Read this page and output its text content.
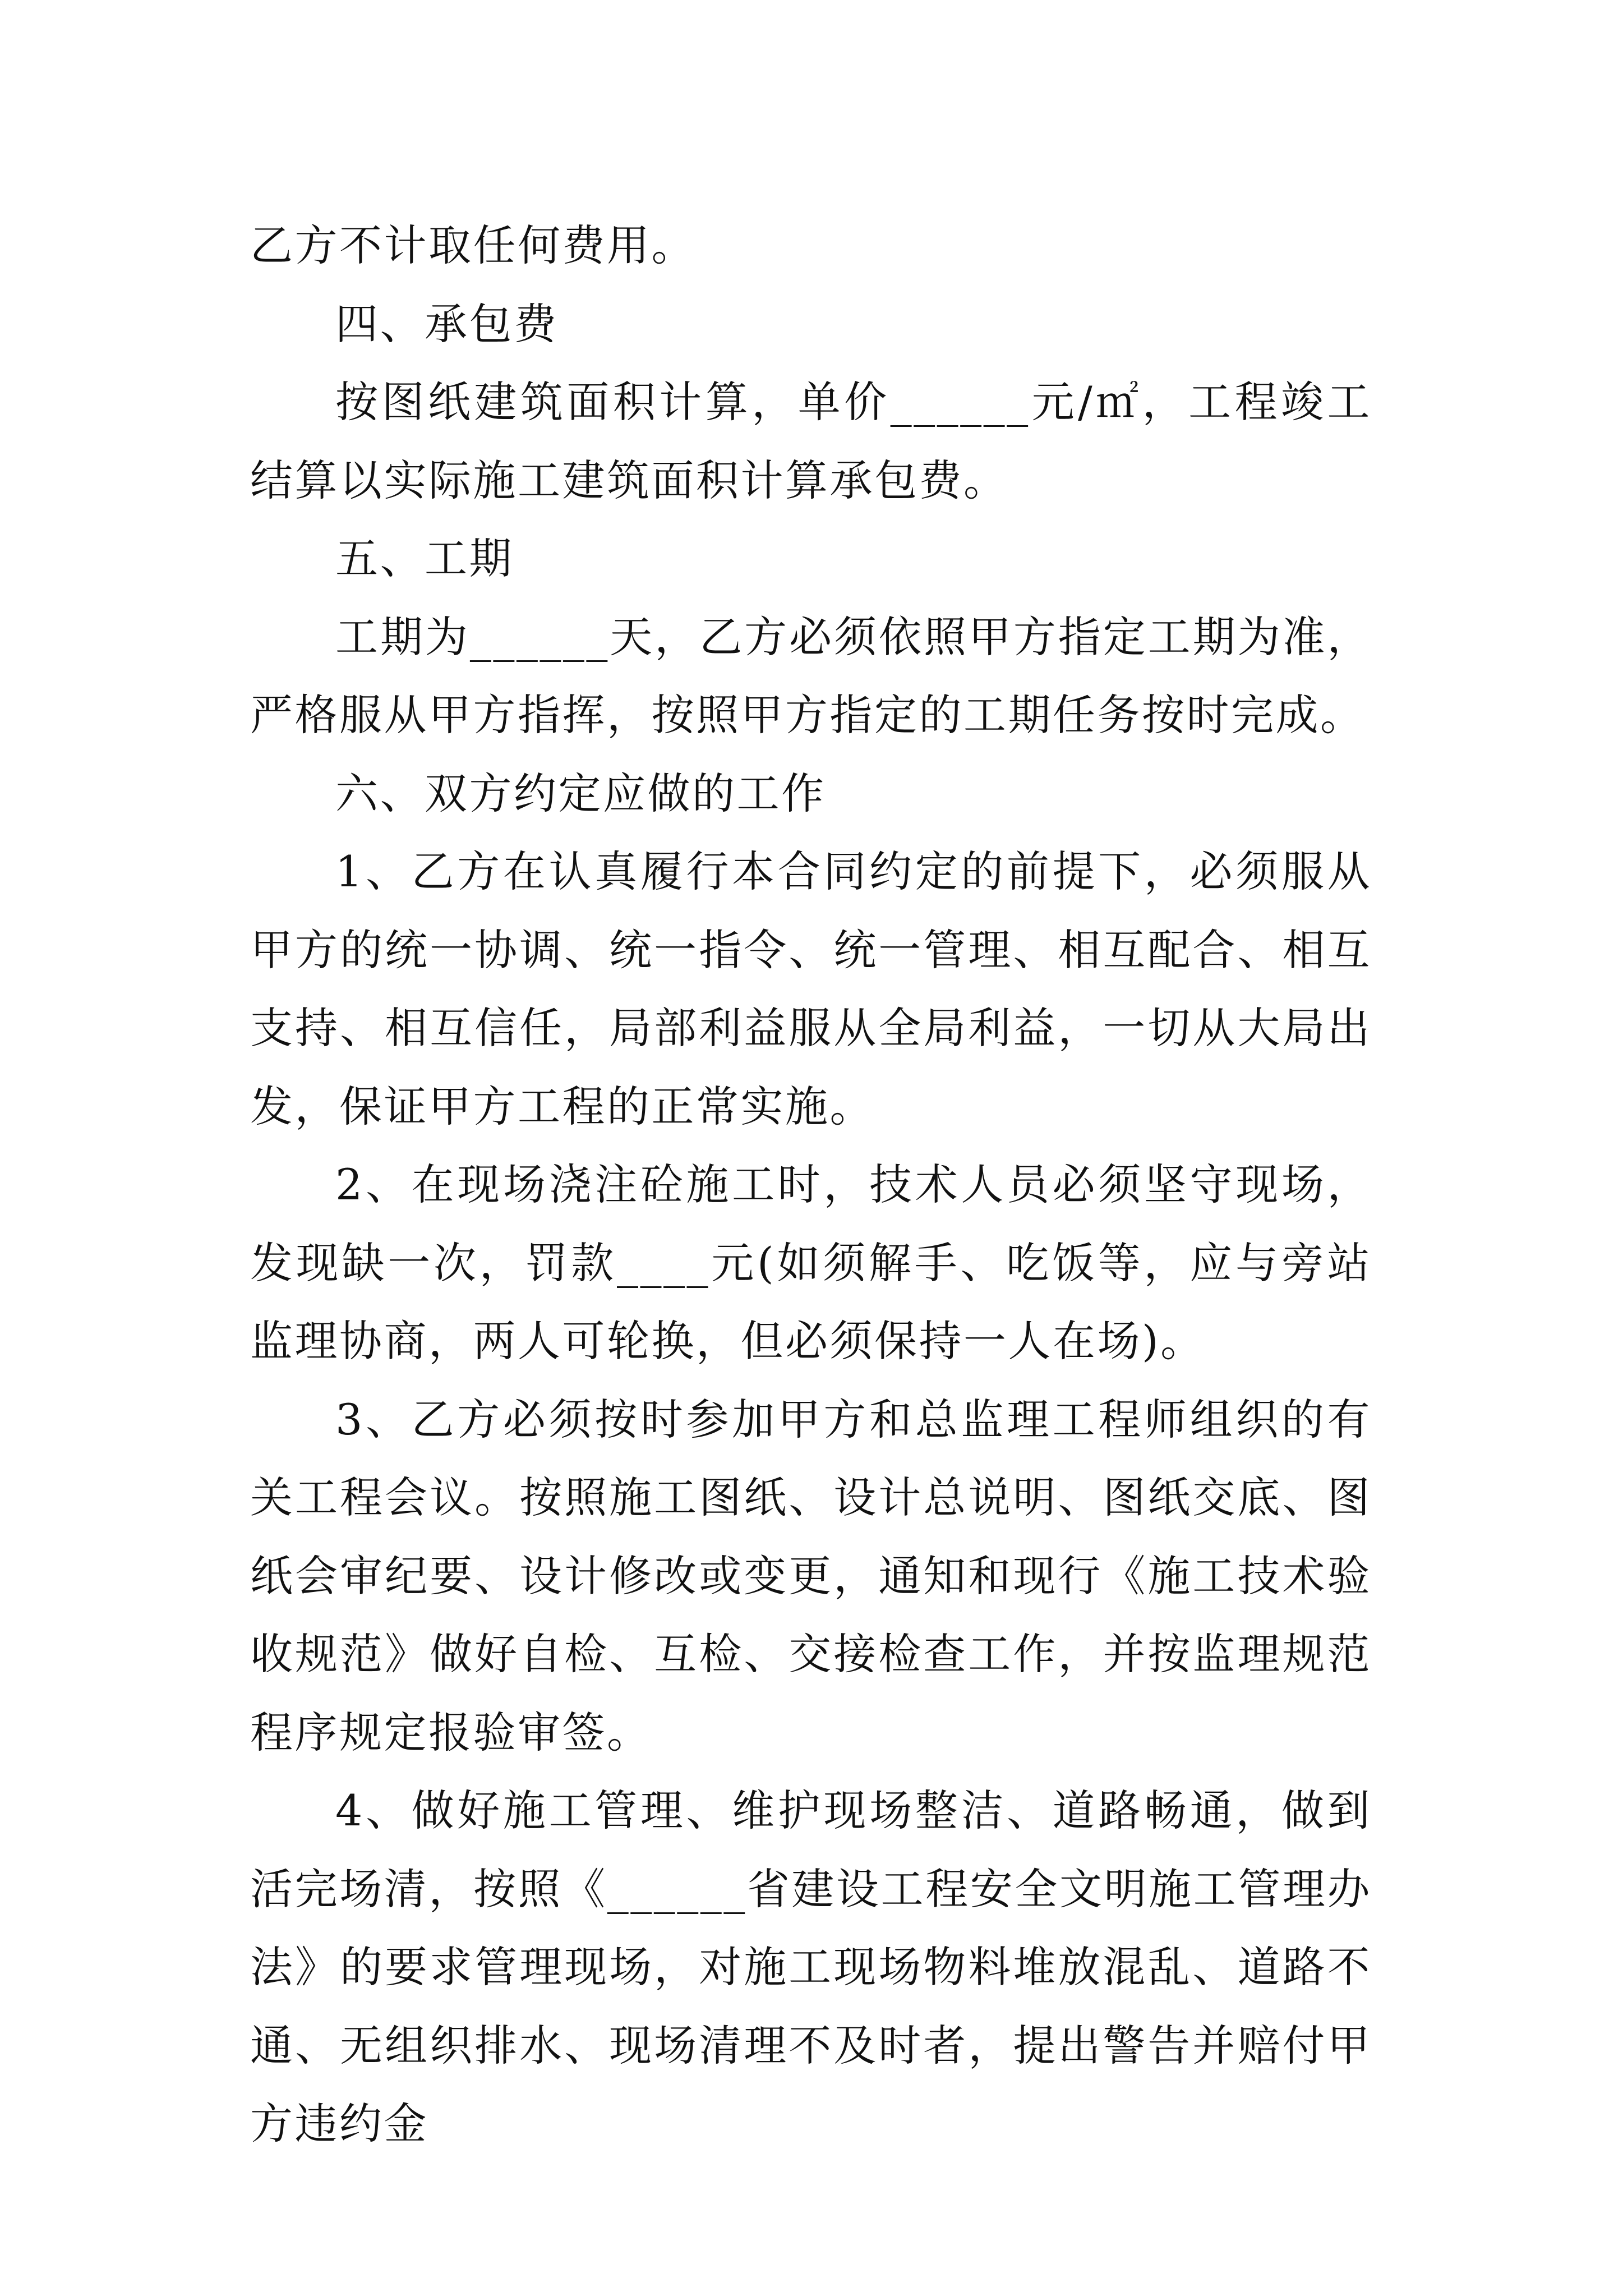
乙方不计取任何费用。

四、承包费

按图纸建筑面积计算，单价______元/㎡，工程竣工结算以实际施工建筑面积计算承包费。

五、工期

工期为______天，乙方必须依照甲方指定工期为准，严格服从甲方指挥，按照甲方指定的工期任务按时完成。

六、双方约定应做的工作

1、乙方在认真履行本合同约定的前提下，必须服从甲方的统一协调、统一指令、统一管理、相互配合、相互支持、相互信任，局部利益服从全局利益，一切从大局出发，保证甲方工程的正常实施。

2、在现场浇注砼施工时，技术人员必须坚守现场，发现缺一次，罚款____元(如须解手、吃饭等，应与旁站监理协商，两人可轮换，但必须保持一人在场)。

3、乙方必须按时参加甲方和总监理工程师组织的有关工程会议。按照施工图纸、设计总说明、图纸交底、图纸会审纪要、设计修改或变更，通知和现行《施工技术验收规范》做好自检、互检、交接检查工作，并按监理规范程序规定报验审签。

4、做好施工管理、维护现场整洁、道路畅通，做到活完场清，按照《______省建设工程安全文明施工管理办法》的要求管理现场，对施工现场物料堆放混乱、道路不通、无组织排水、现场清理不及时者，提出警告并赔付甲方违约金
